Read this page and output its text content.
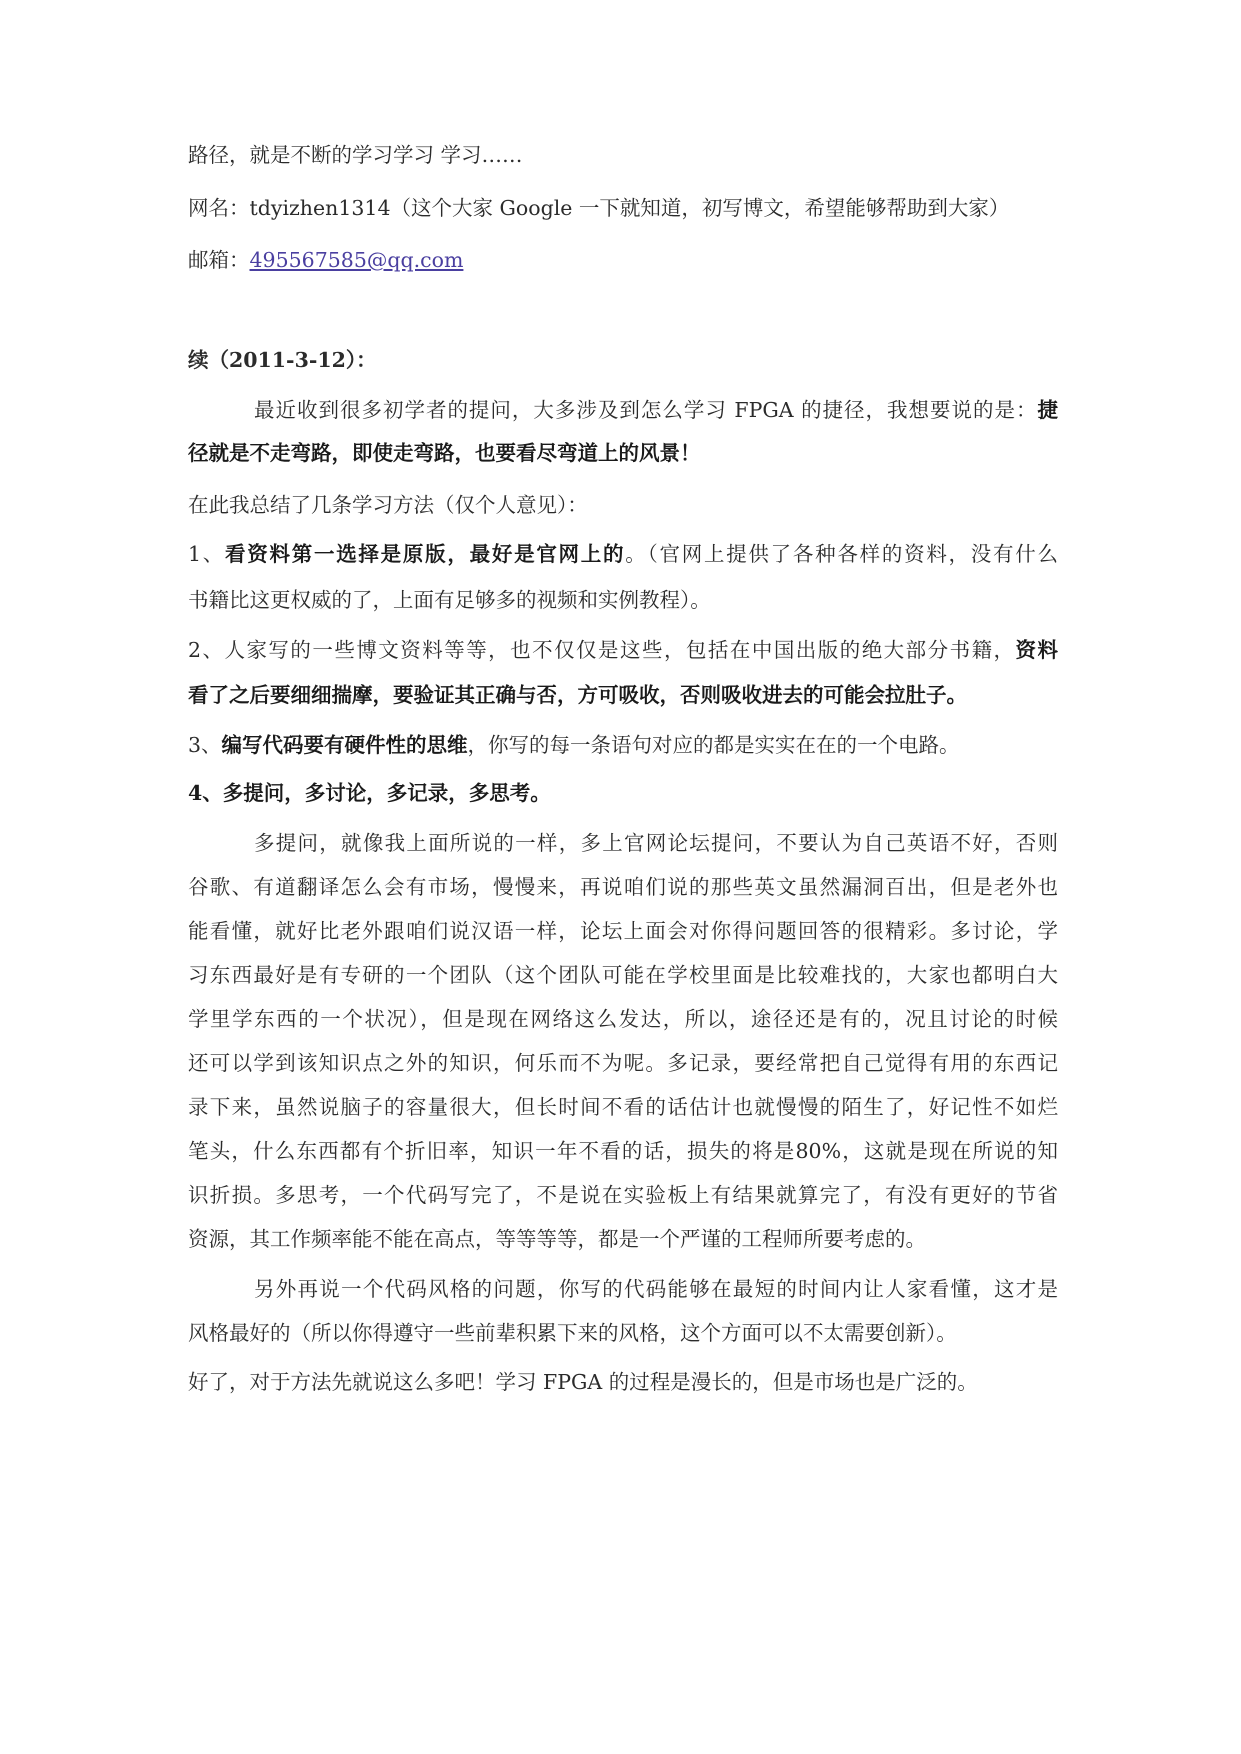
路径，就是不断的学习学习 学习……
网名：tdyizhen1314（这个大家 Google 一下就知道，初写博文，希望能够帮助到大家）
邮箱：495567585@qq.com
续（2011-3-12）：
最近收到很多初学者的提问，大多涉及到怎么学习 FPGA 的捷径，我想要说的是：捷
径就是不走弯路，即使走弯路，也要看尽弯道上的风景！
在此我总结了几条学习方法（仅个人意见）：
1、看资料第一选择是原版，最好是官网上的。（官网上提供了各种各样的资料，没有什么
书籍比这更权威的了，上面有足够多的视频和实例教程）。
2、人家写的一些博文资料等等，也不仅仅是这些，包括在中国出版的绝大部分书籍，资料
看了之后要细细揣摩，要验证其正确与否，方可吸收，否则吸收进去的可能会拉肚子。
3、编写代码要有硬件性的思维，你写的每一条语句对应的都是实实在在的一个电路。
4、多提问，多讨论，多记录，多思考。
多提问，就像我上面所说的一样，多上官网论坛提问，不要认为自己英语不好，否则
谷歌、有道翻译怎么会有市场，慢慢来，再说咱们说的那些英文虽然漏洞百出，但是老外也
能看懂，就好比老外跟咱们说汉语一样，论坛上面会对你得问题回答的很精彩。多讨论，学
习东西最好是有专研的一个团队（这个团队可能在学校里面是比较难找的，大家也都明白大
学里学东西的一个状况），但是现在网络这么发达，所以，途径还是有的，况且讨论的时候
还可以学到该知识点之外的知识，何乐而不为呢。多记录，要经常把自己觉得有用的东西记
录下来，虽然说脑子的容量很大，但长时间不看的话估计也就慢慢的陌生了，好记性不如烂
笔头，什么东西都有个折旧率，知识一年不看的话，损失的将是80%，这就是现在所说的知
识折损。多思考，一个代码写完了，不是说在实验板上有结果就算完了，有没有更好的节省
资源，其工作频率能不能在高点，等等等等，都是一个严谨的工程师所要考虑的。
另外再说一个代码风格的问题，你写的代码能够在最短的时间内让人家看懂，这才是
风格最好的（所以你得遵守一些前辈积累下来的风格，这个方面可以不太需要创新）。
好了，对于方法先就说这么多吧！学习 FPGA 的过程是漫长的，但是市场也是广泛的。
